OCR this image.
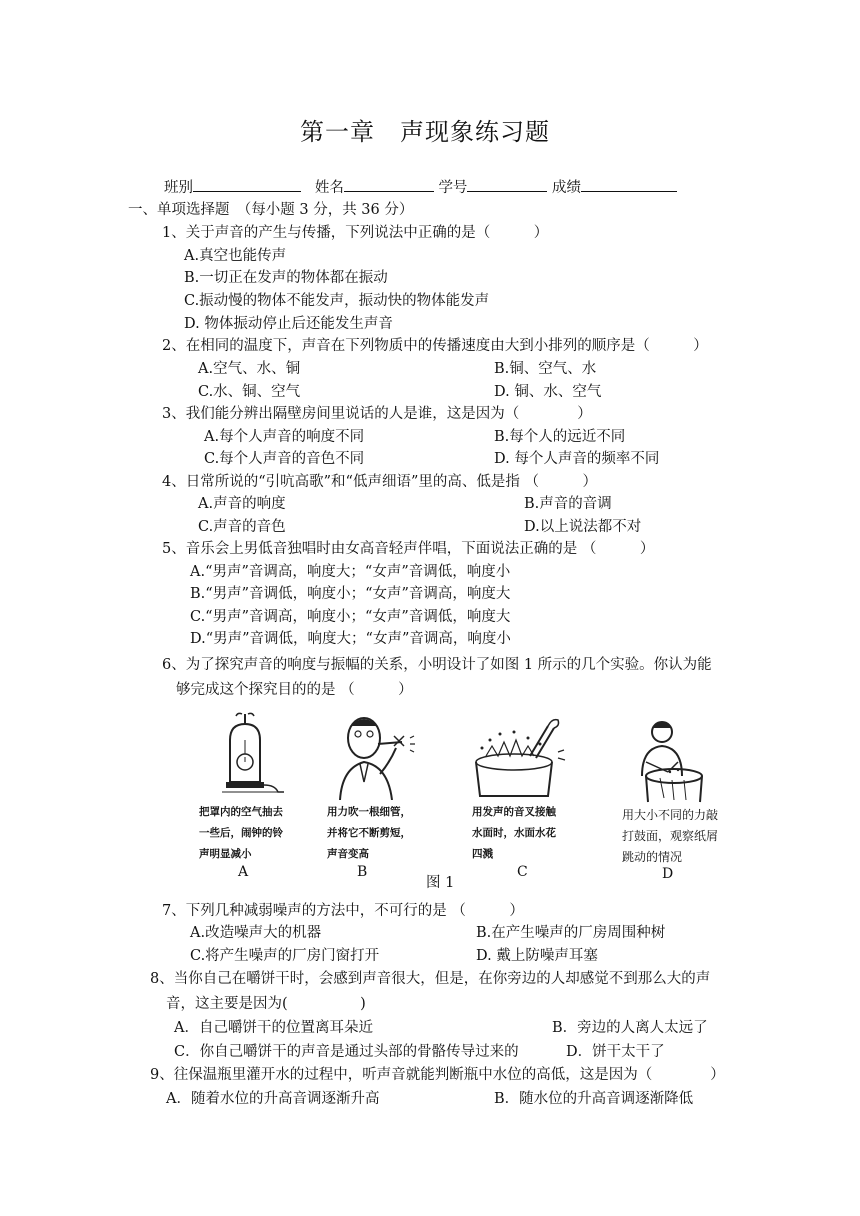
第一章　声现象练习题
班别	姓名	学号	成绩
一、单项选择题　（每小题 3 分，共 36 分）
1、关于声音的产生与传播，下列说法中正确的是（　　　）
A.真空也能传声
B.一切正在发声的物体都在振动
C.振动慢的物体不能发声，振动快的物体能发声
D. 物体振动停止后还能发生声音
2、在相同的温度下，声音在下列物质中的传播速度由大到小排列的顺序是（　　　）
A.空气、水、铜	B.铜、空气、水
C.水、铜、空气	D. 铜、水、空气
3、我们能分辨出隔壁房间里说话的人是谁，这是因为（　　　　）
A.每个人声音的响度不同	B.每个人的远近不同
C.每个人声音的音色不同	D. 每个人声音的频率不同
4、日常所说的“引吭高歌”和“低声细语”里的高、低是指 （　　　）
A.声音的响度	B.声音的音调
C.声音的音色	D.以上说法都不对
5、音乐会上男低音独唱时由女高音轻声伴唱，下面说法正确的是 （　　　）
A.“男声”音调高，响度大；“女声”音调低，响度小
B.“男声”音调低，响度小；“女声”音调高，响度大
C.“男声”音调高，响度小；“女声”音调低，响度大
D.“男声”音调低，响度大；“女声”音调高，响度小
6、为了探究声音的响度与振幅的关系，小明设计了如图 1 所示的几个实验。你认为能
够完成这个探究目的的是 （　　　）
把罩内的空气抽去
一些后，闹钟的铃
声明显减小
用力吹一根细管，
并将它不断剪短，
声音变高
用发声的音叉接触
水面时，水面水花
四溅
用大小不同的力敲
打鼓面，观察纸屑
跳动的情况
A	B
图 1
C	D
7、下列几种减弱噪声的方法中，不可行的是 （　　　）
A.改造噪声大的机器	B.在产生噪声的厂房周围种树
C.将产生噪声的厂房门窗打开	D. 戴上防噪声耳塞
8、当你自己在嚼饼干时，会感到声音很大，但是，在你旁边的人却感觉不到那么大的声
音，这主要是因为(　　　　　)
A．自己嚼饼干的位置离耳朵近	B．旁边的人离人太远了
C．你自己嚼饼干的声音是通过头部的骨骼传导过来的	D．饼干太干了
9、往保温瓶里灌开水的过程中，听声音就能判断瓶中水位的高低，这是因为（　　　　）
A．随着水位的升高音调逐渐升高	B．随水位的升高音调逐渐降低
